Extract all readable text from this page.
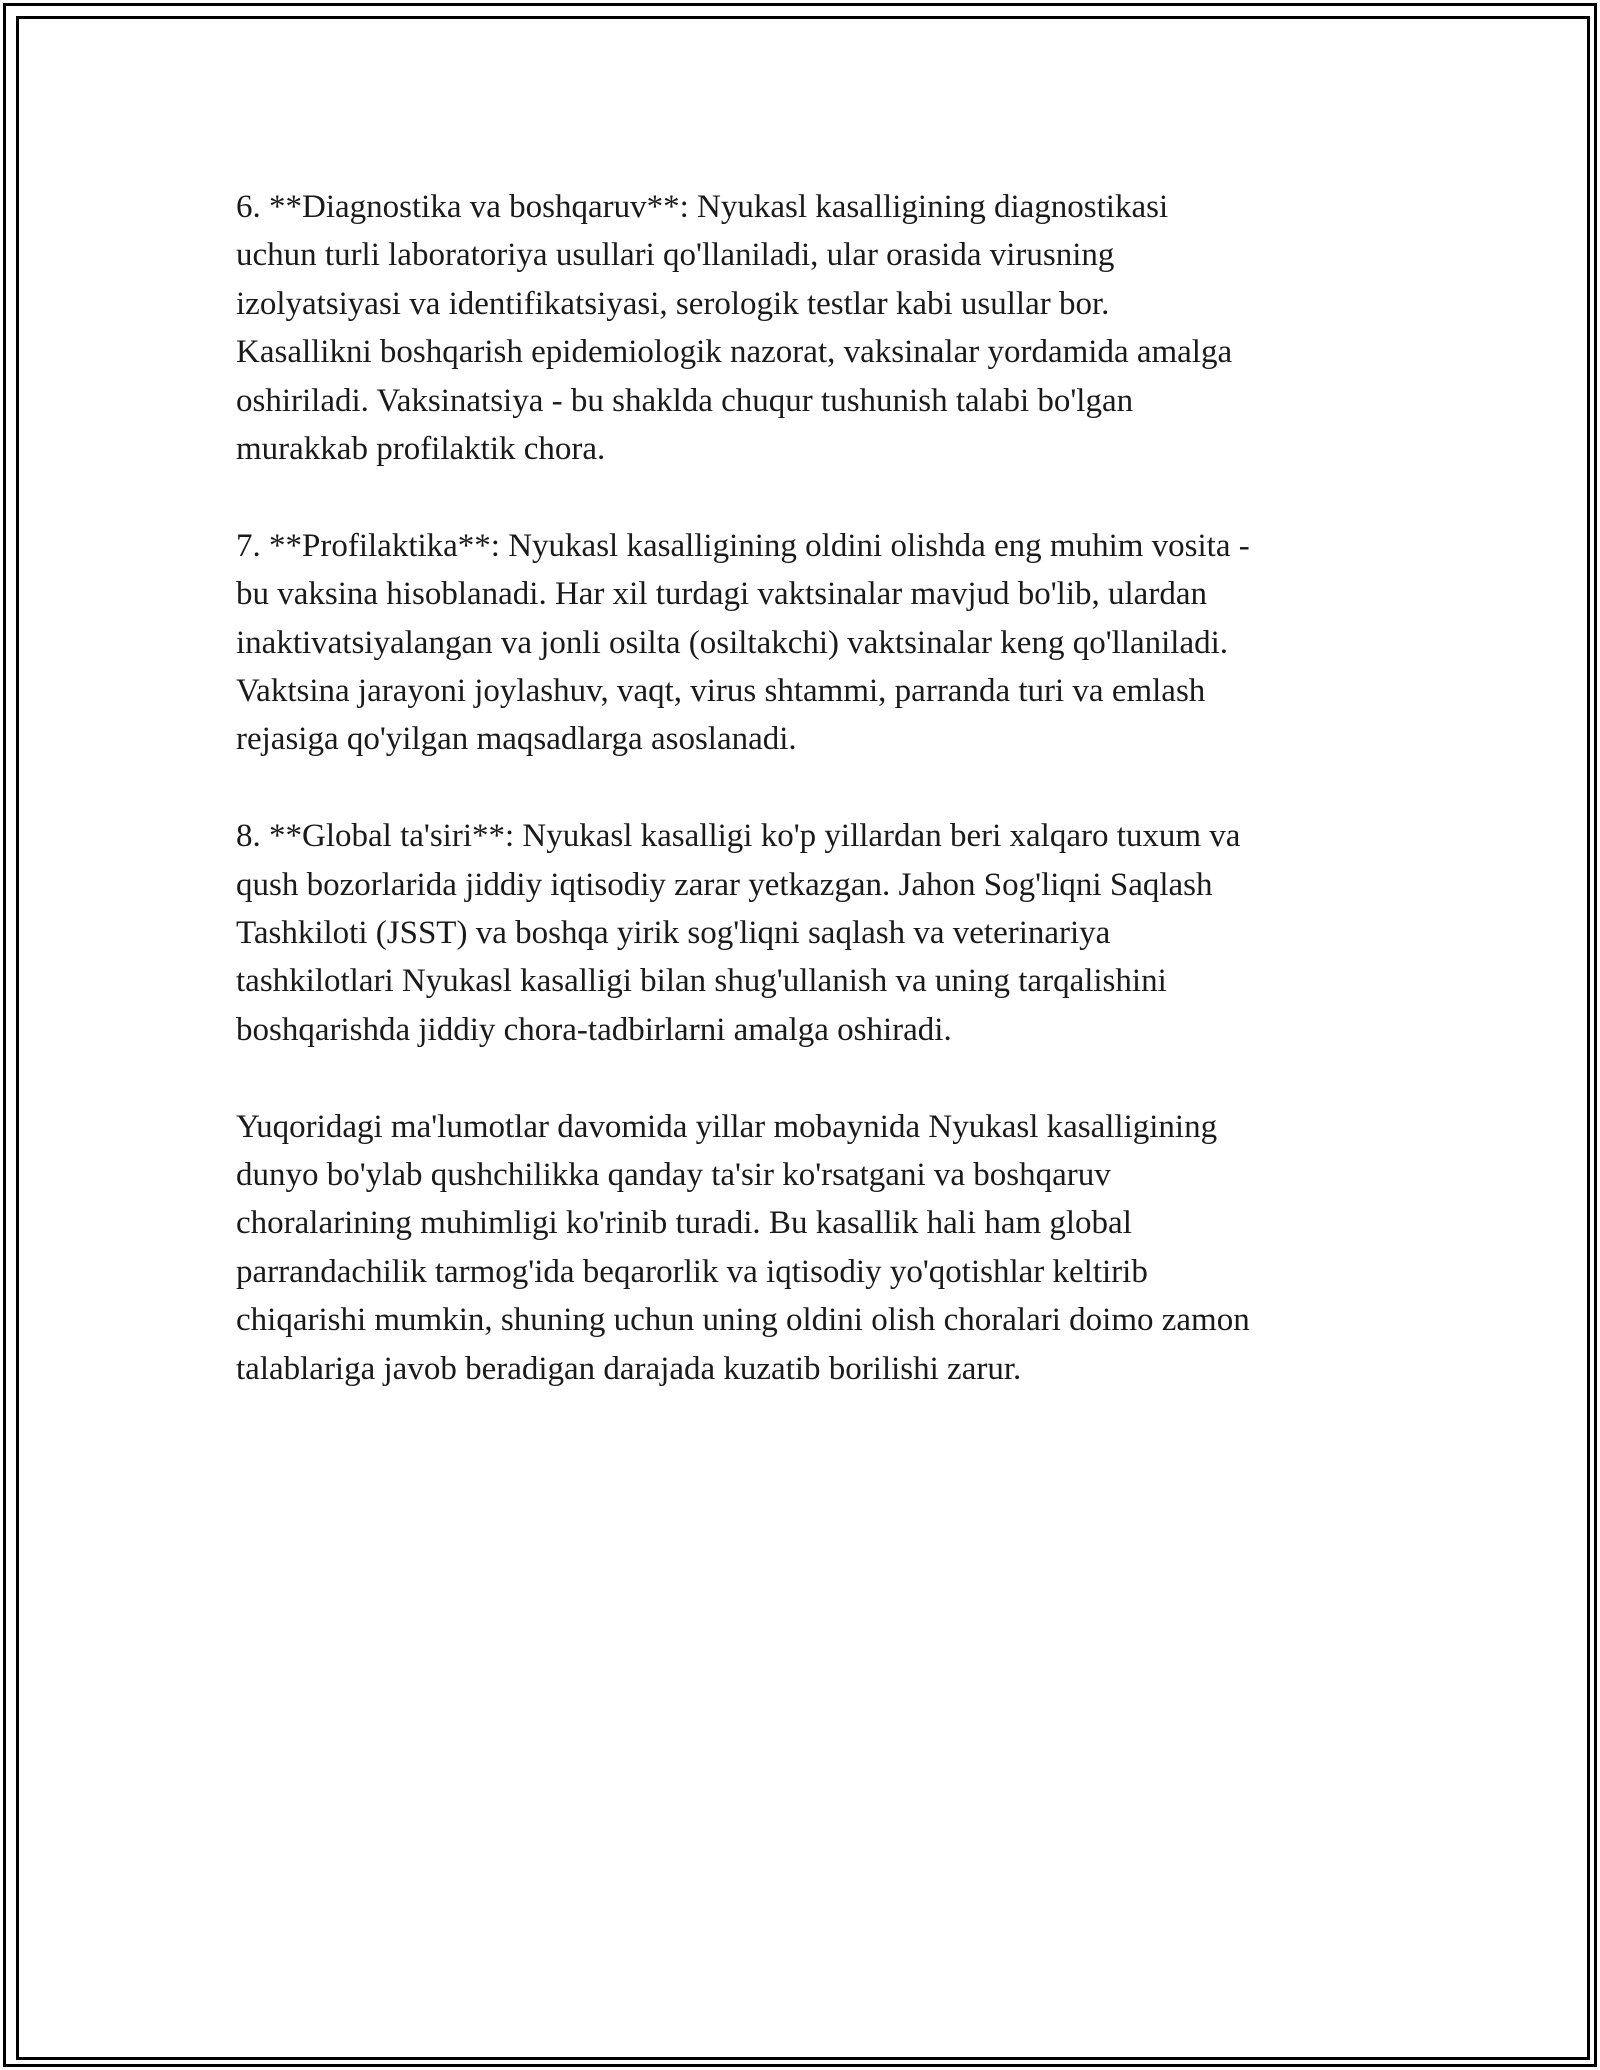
6. **Diagnostika va boshqaruv**: Nyukasl kasalligining diagnostikasi
uchun turli laboratoriya usullari qo'llaniladi, ular orasida virusning
izolyatsiyasi va identifikatsiyasi, serologik testlar kabi usullar bor.
Kasallikni boshqarish epidemiologik nazorat, vaksinalar yordamida amalga
oshiriladi. Vaksinatsiya - bu shaklda chuqur tushunish talabi bo'lgan
murakkab profilaktik chora.

7. **Profilaktika**: Nyukasl kasalligining oldini olishda eng muhim vosita -
bu vaksina hisoblanadi. Har xil turdagi vaktsinalar mavjud bo'lib, ulardan
inaktivatsiyalangan va jonli osilta (osiltakchi) vaktsinalar keng qo'llaniladi.
Vaktsina jarayoni joylashuv, vaqt, virus shtammi, parranda turi va emlash
rejasiga qo'yilgan maqsadlarga asoslanadi.

8. **Global ta'siri**: Nyukasl kasalligi ko'p yillardan beri xalqaro tuxum va
qush bozorlarida jiddiy iqtisodiy zarar yetkazgan. Jahon Sog'liqni Saqlash
Tashkiloti (JSST) va boshqa yirik sog'liqni saqlash va veterinariya
tashkilotlari Nyukasl kasalligi bilan shug'ullanish va uning tarqalishini
boshqarishda jiddiy chora-tadbirlarni amalga oshiradi.

Yuqoridagi ma'lumotlar davomida yillar mobaynida Nyukasl kasalligining
dunyo bo'ylab qushchilikka qanday ta'sir ko'rsatgani va boshqaruv
choralarining muhimligi ko'rinib turadi. Bu kasallik hali ham global
parrandachilik tarmog'ida beqarorlik va iqtisodiy yo'qotishlar keltirib
chiqarishi mumkin, shuning uchun uning oldini olish choralari doimo zamon
talablariga javob beradigan darajada kuzatib borilishi zarur.
